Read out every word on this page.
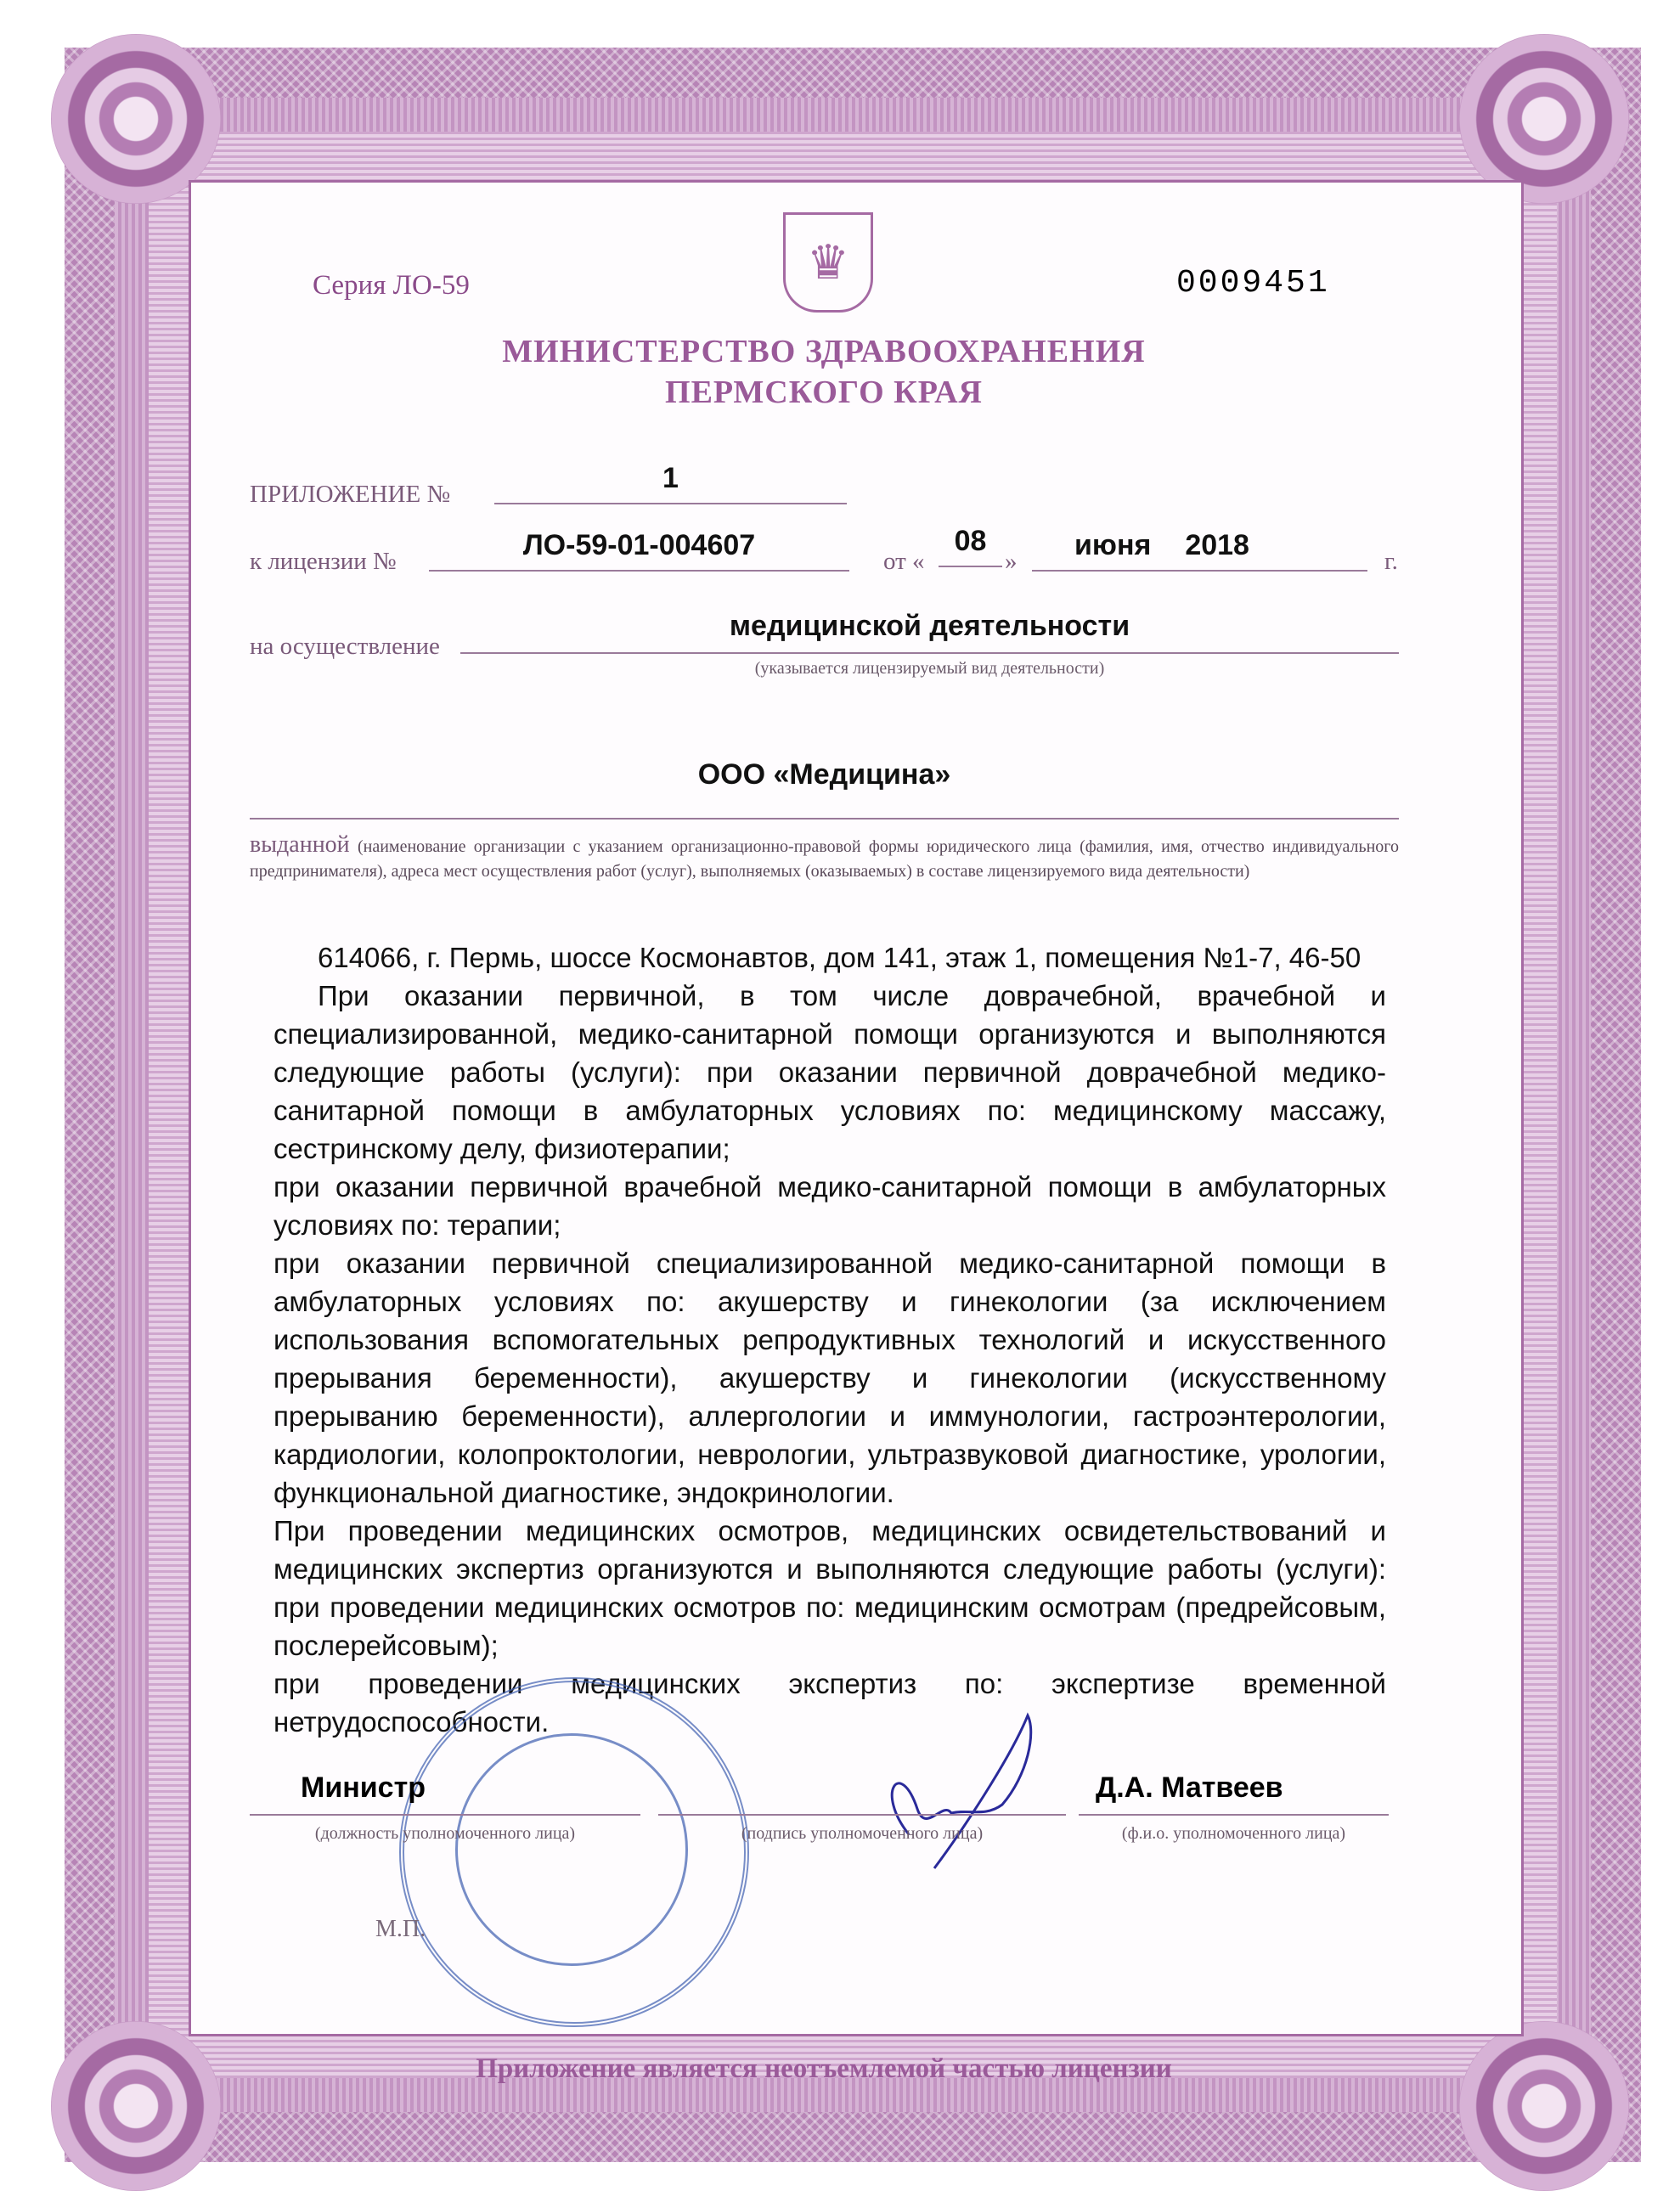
♛
Серия ЛО-59	0009451
МИНИСТЕРСТВО ЗДРАВООХРАНЕНИЯ
ПЕРМСКОГО КРАЯ
ПРИЛОЖЕНИЕ №	1
к лицензии №	ЛО-59-01-004607	от «
08
»	июня 2018	г.
на осуществление
медицинской деятельности
(указывается лицензируемый вид деятельности)
ООО «Медицина»
выданной (наименование организации с указанием организационно-правовой формы юридического лица (фамилия, имя, отчество индивидуального предпринимателя), адреса мест осуществления работ (услуг), выполняемых (оказываемых) в составе лицензируемого вида деятельности)

614066, г. Пермь, шоссе Космонавтов, дом 141, этаж 1, помещения №1-7, 46-50

При оказании первичной, в том числе доврачебной, врачебной и специализированной, медико-санитарной помощи организуются и выполняются следующие работы (услуги): при оказании первичной доврачебной медико-санитарной помощи в амбулаторных условиях по: медицинскому массажу, сестринскому делу, физиотерапии;

при оказании первичной врачебной медико-санитарной помощи в амбулаторных условиях по: терапии;

при оказании первичной специализированной медико-санитарной помощи в амбулаторных условиях по: акушерству и гинекологии (за исключением использования вспомогательных репродуктивных технологий и искусственного прерывания беременности), акушерству и гинекологии (искусственному прерыванию беременности), аллергологии и иммунологии, гастроэнтерологии, кардиологии, колопроктологии, неврологии, ультразвуковой диагностике, урологии, функциональной диагностике, эндокринологии.

При проведении медицинских осмотров, медицинских освидетельствований и медицинских экспертиз организуются и выполняются следующие работы (услуги): при проведении медицинских осмотров по: медицинским осмотрам (предрейсовым, послерейсовым);

при проведении медицинских экспертиз по: экспертизе временной нетрудоспособности.

Министр
(должность уполномоченного лица)	(подпись уполномоченного лица)
Д.А. Матвеев
(ф.и.о. уполномоченного лица)
М.П.
Приложение является неотъемлемой частью лицензии
